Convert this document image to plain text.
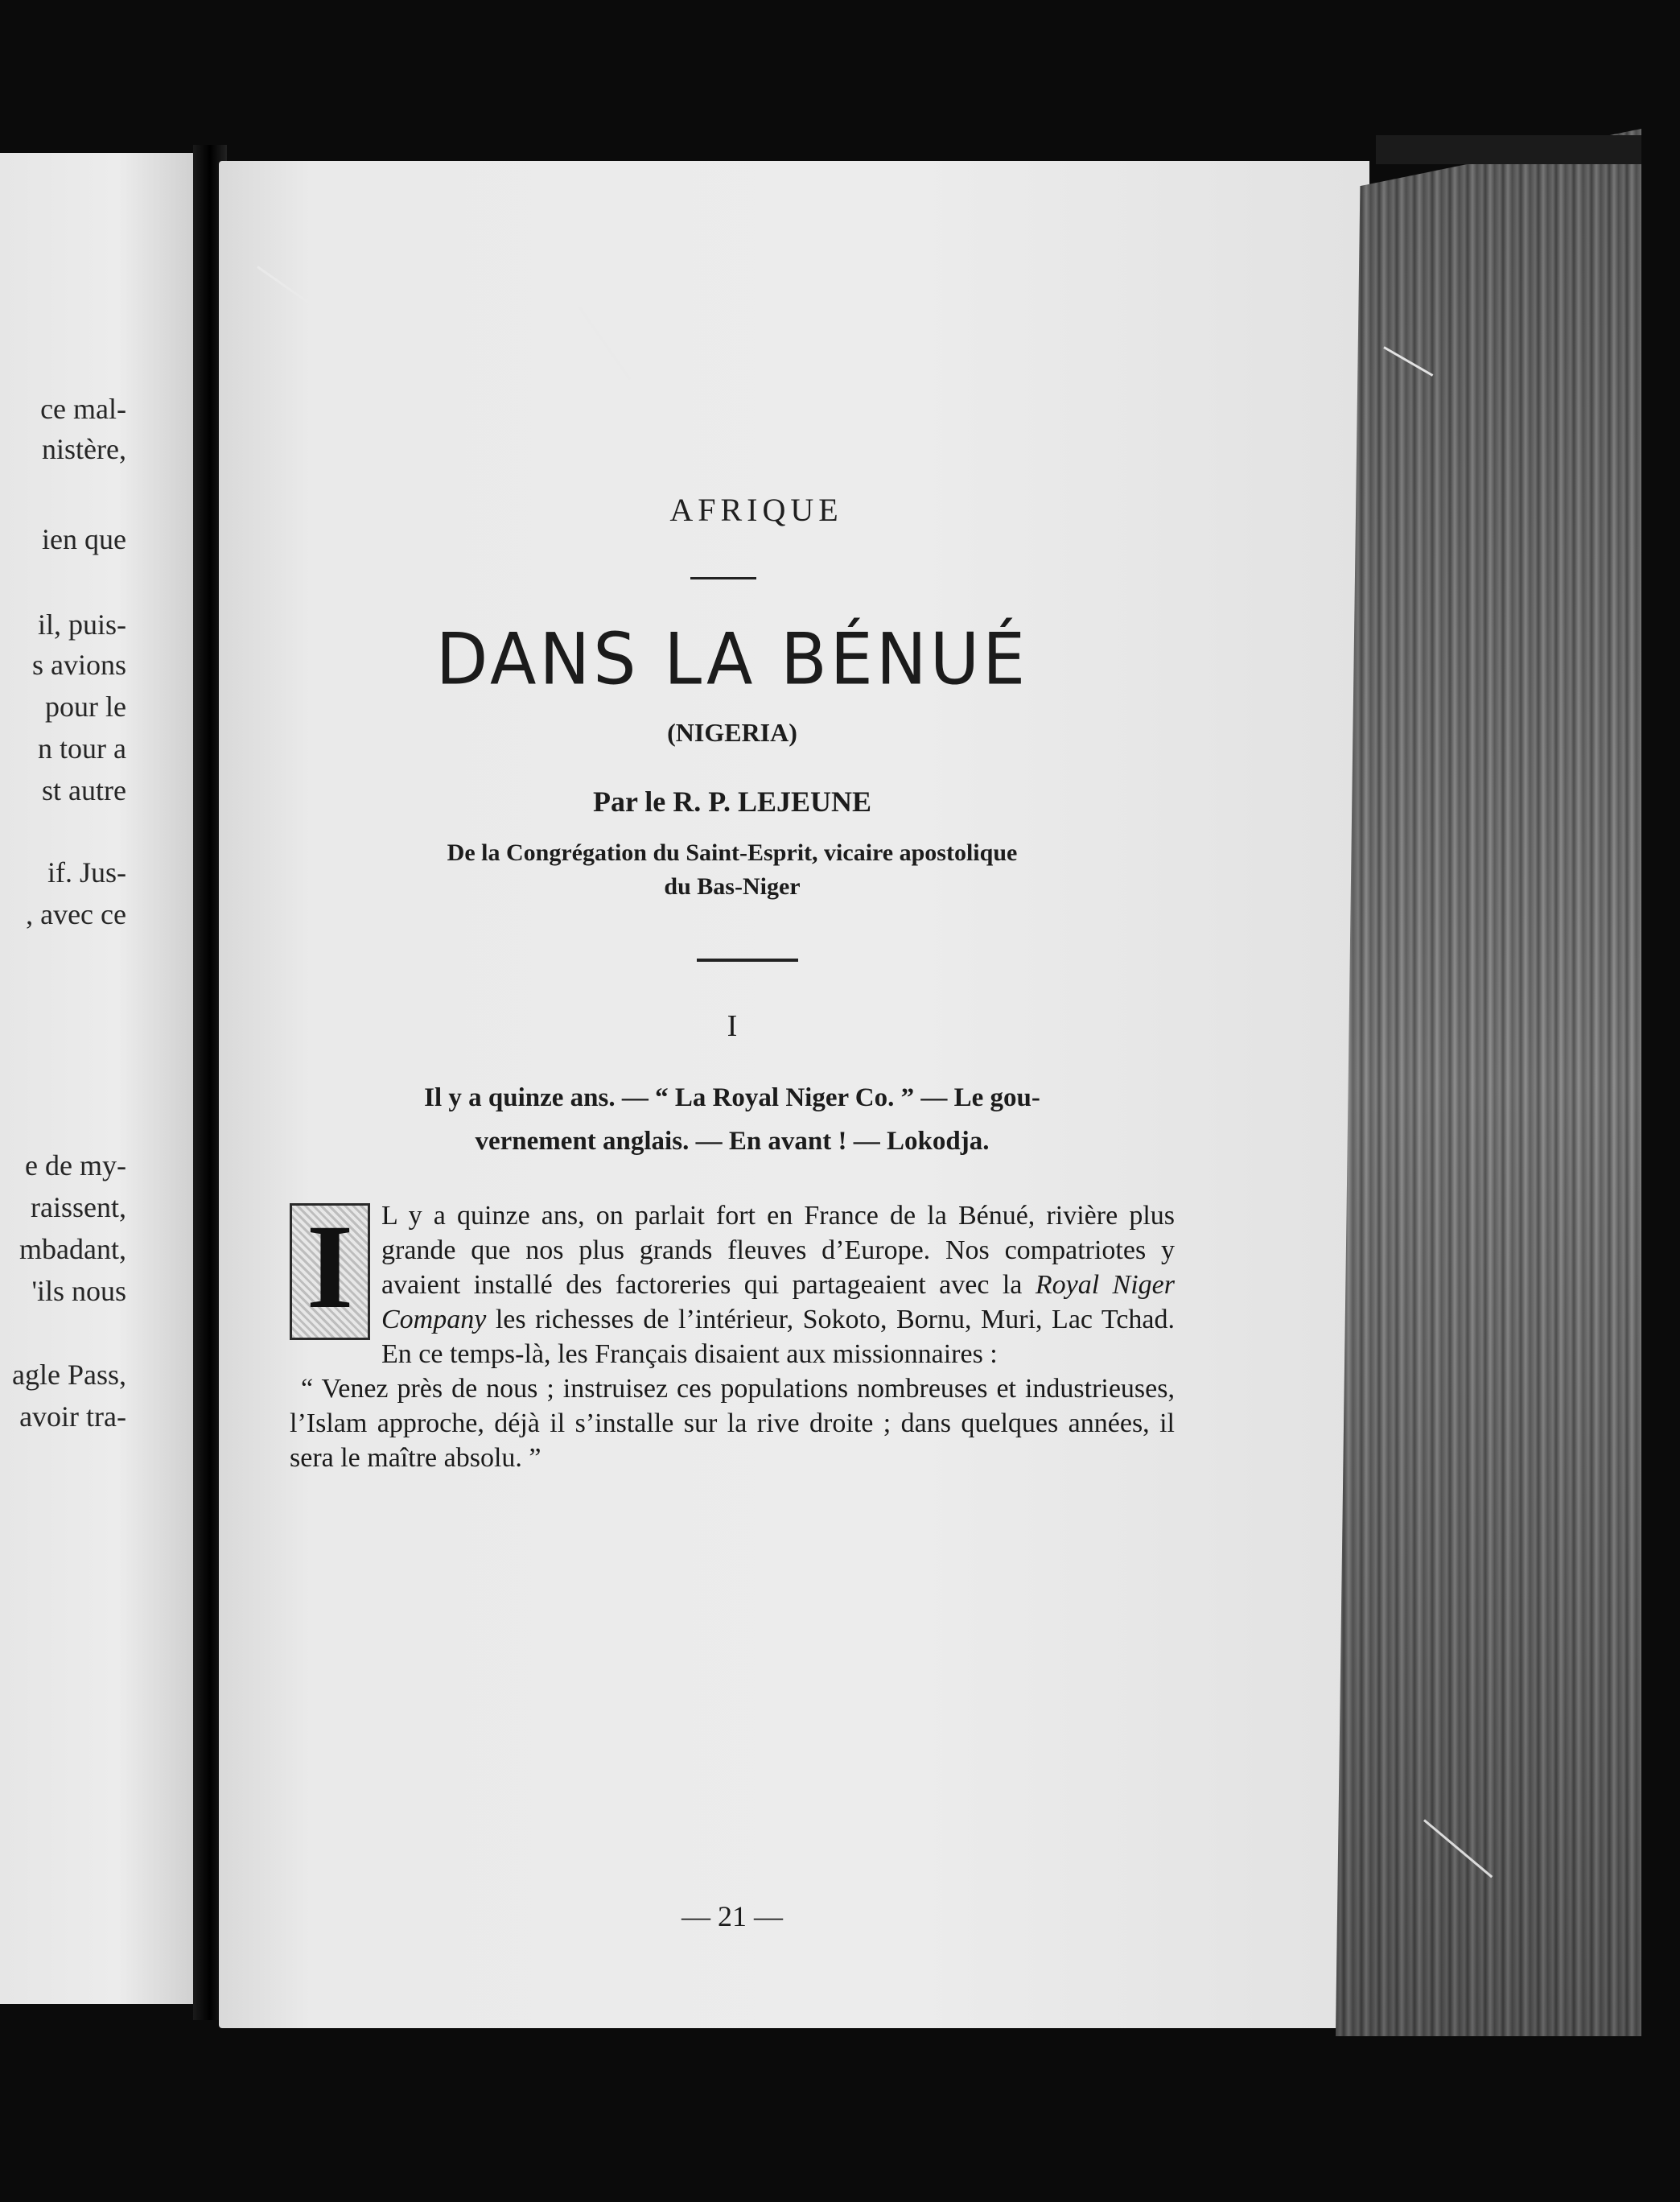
ce mal-
nistère,
ien que
il, puis-
s avions
pour le
n tour a
st autre
if. Jus-
, avec ce
e de my-
raissent,
mbadant,
'ils nous
agle Pass,
avoir tra-
AFRIQUE
DANS LA BÉNUÉ
(NIGERIA)
Par le R. P. LEJEUNE
De la Congrégation du Saint-Esprit, vicaire apostolique
du Bas-Niger
I
Il y a quinze ans. — “ La Royal Niger Co. ” — Le gou-
vernement anglais. — En avant ! — Lokodja.
I	L y a quinze ans, on parlait fort en France de la Bénué, rivière plus grande que nos plus grands fleuves d’Europe. Nos compatriotes y avaient installé des factoreries qui partageaient avec la Royal Niger Company les richesses de l’intérieur, Sokoto, Bornu, Muri, Lac Tchad. En ce temps-là, les Français disaient aux missionnaires :
“ Venez près de nous ; instruisez ces populations nombreuses et industrieuses, l’Islam approche, déjà il s’installe sur la rive droite ; dans quelques années, il sera le maître absolu. ”
— 21 —
